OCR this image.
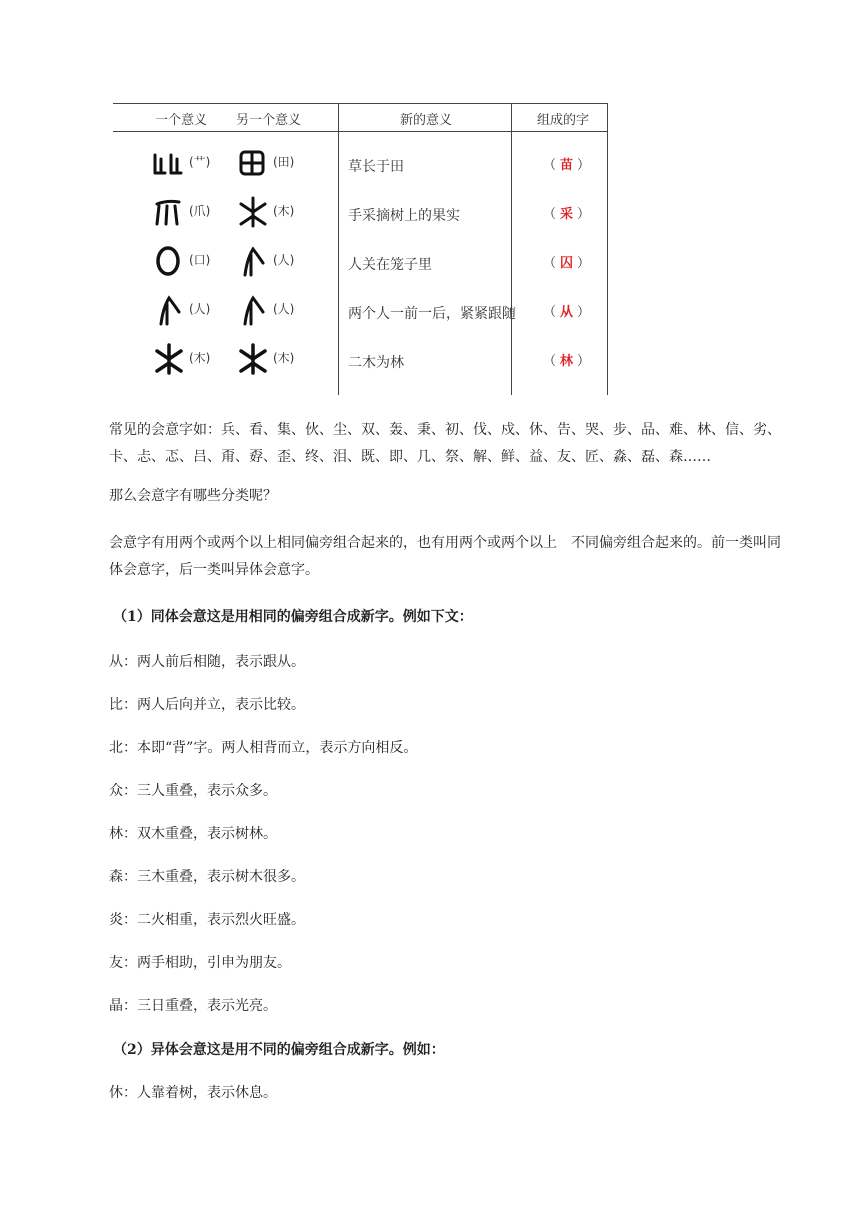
一个意义 另一个意义	新的意义	组成的字
(艹)	(田)	草长于田	（ 苗 ）
(爪)	(木)	手采摘树上的果实	（ 采 ）
(口)	(人)	人关在笼子里	（ 囚 ）
(人)	(人)	两个人一前一后，紧紧跟随 （ 从 ）
(木)	(木)	二木为林	（ 林 ）
常见的会意字如：兵、看、集、伙、尘、双、轰、秉、初、伐、戍、休、告、哭、步、品、难、林、信、劣、卡、忐、忑、吕、甭、孬、歪、终、泪、既、即、几、祭、解、鲜、益、友、匠、淼、磊、森……
那么会意字有哪些分类呢？
会意字有用两个或两个以上相同偏旁组合起来的，也有用两个或两个以上　不同偏旁组合起来的。前一类叫同体会意字，后一类叫异体会意字。
（1）同体会意这是用相同的偏旁组合成新字。例如下文：
从：两人前后相随，表示跟从。
比：两人后向并立，表示比较。
北：本即“背”字。两人相背而立，表示方向相反。
众：三人重叠，表示众多。
林：双木重叠，表示树林。
森：三木重叠，表示树木很多。
炎：二火相重，表示烈火旺盛。
友：两手相助，引申为朋友。
晶：三日重叠，表示光亮。
（2）异体会意这是用不同的偏旁组合成新字。例如：
休：人靠着树，表示休息。
